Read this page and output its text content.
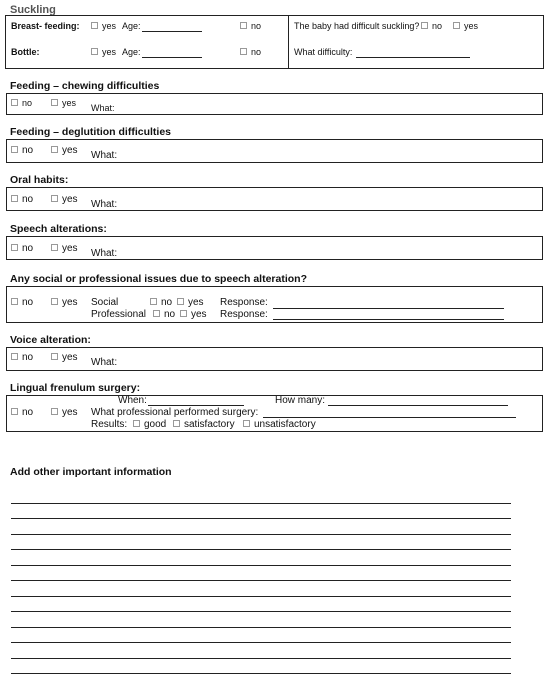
Suckling
Breast- feeding:	yes Age:	no
Bottle:	yes Age:	no
The baby had difficult suckling?	no	yes
What difficulty:
Feeding – chewing difficulties
no	yes What:
Feeding – deglutition difficulties
no	yes What:
Oral habits:
no	yes What:
Speech alterations:
no	yes What:
Any social or professional issues due to speech alteration?
no	yes Social	no	yes Response:
Professional	no	yes Response:
Voice alteration:
no	yes What:
Lingual frenulum surgery:
When:	How many:
no	yes What professional performed surgery:
Results:	good	satisfactory	unsatisfactory
Add other important information
